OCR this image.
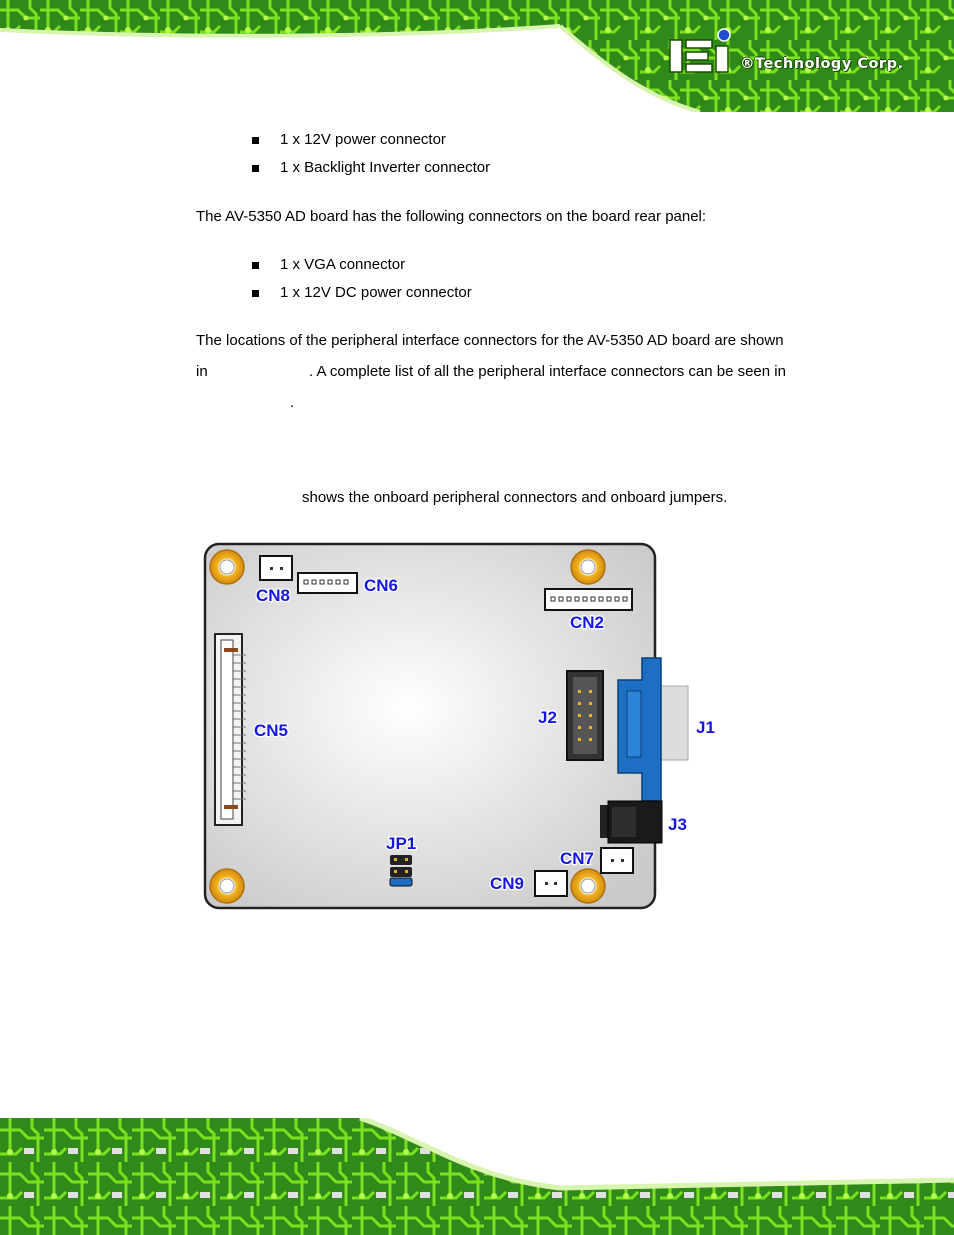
®Technology Corp.
1 x 12V power connector
1 x Backlight Inverter connector
The AV-5350 AD board has the following connectors on the board rear panel:
1 x VGA connector
1 x 12V DC power connector
The locations of the peripheral interface connectors for the AV-5350 AD board are shown
in	. A complete list of all the peripheral interface connectors can be seen in
.
shows the onboard peripheral connectors and onboard jumpers.
CN8
CN6
CN2
CN5
J2
J1
J3
JP1
CN7
CN9
